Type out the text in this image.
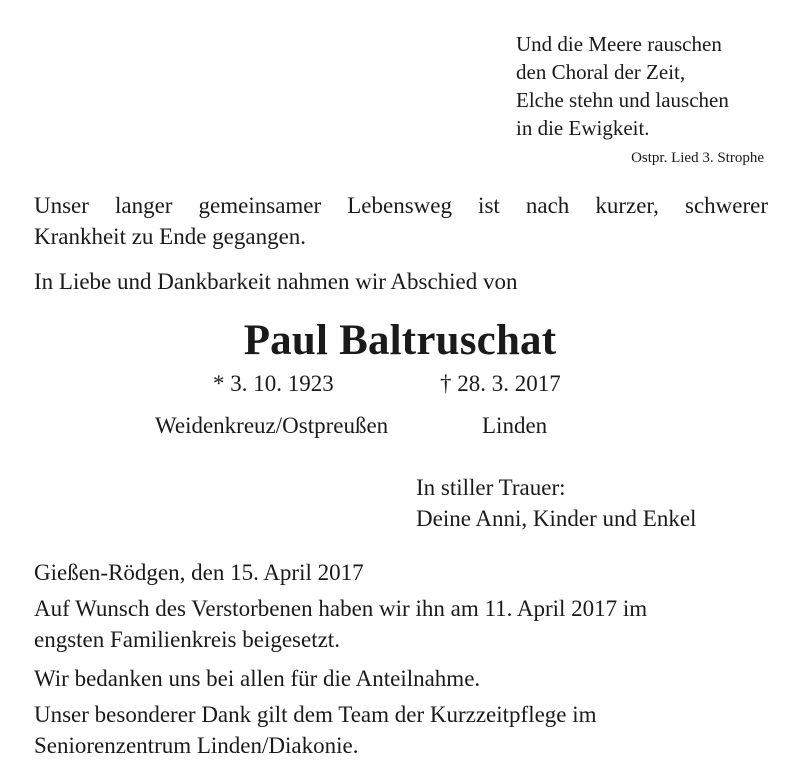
Und die Meere rauschen
den Choral der Zeit,
Elche stehn und lauschen
in die Ewigkeit.
Ostpr. Lied 3. Strophe
Unser langer gemeinsamer Lebensweg ist nach kurzer, schwerer
Krankheit zu Ende gegangen.
In Liebe und Dankbarkeit nahmen wir Abschied von
Paul Baltruschat
* 3. 10. 1923	† 28. 3. 2017
Weidenkreuz/Ostpreußen	Linden
In stiller Trauer:
Deine Anni, Kinder und Enkel
Gießen-Rödgen, den 15. April 2017
Auf Wunsch des Verstorbenen haben wir ihn am 11. April 2017 im
engsten Familienkreis beigesetzt.
Wir bedanken uns bei allen für die Anteilnahme.
Unser besonderer Dank gilt dem Team der Kurzzeitpflege im
Seniorenzentrum Linden/Diakonie.
